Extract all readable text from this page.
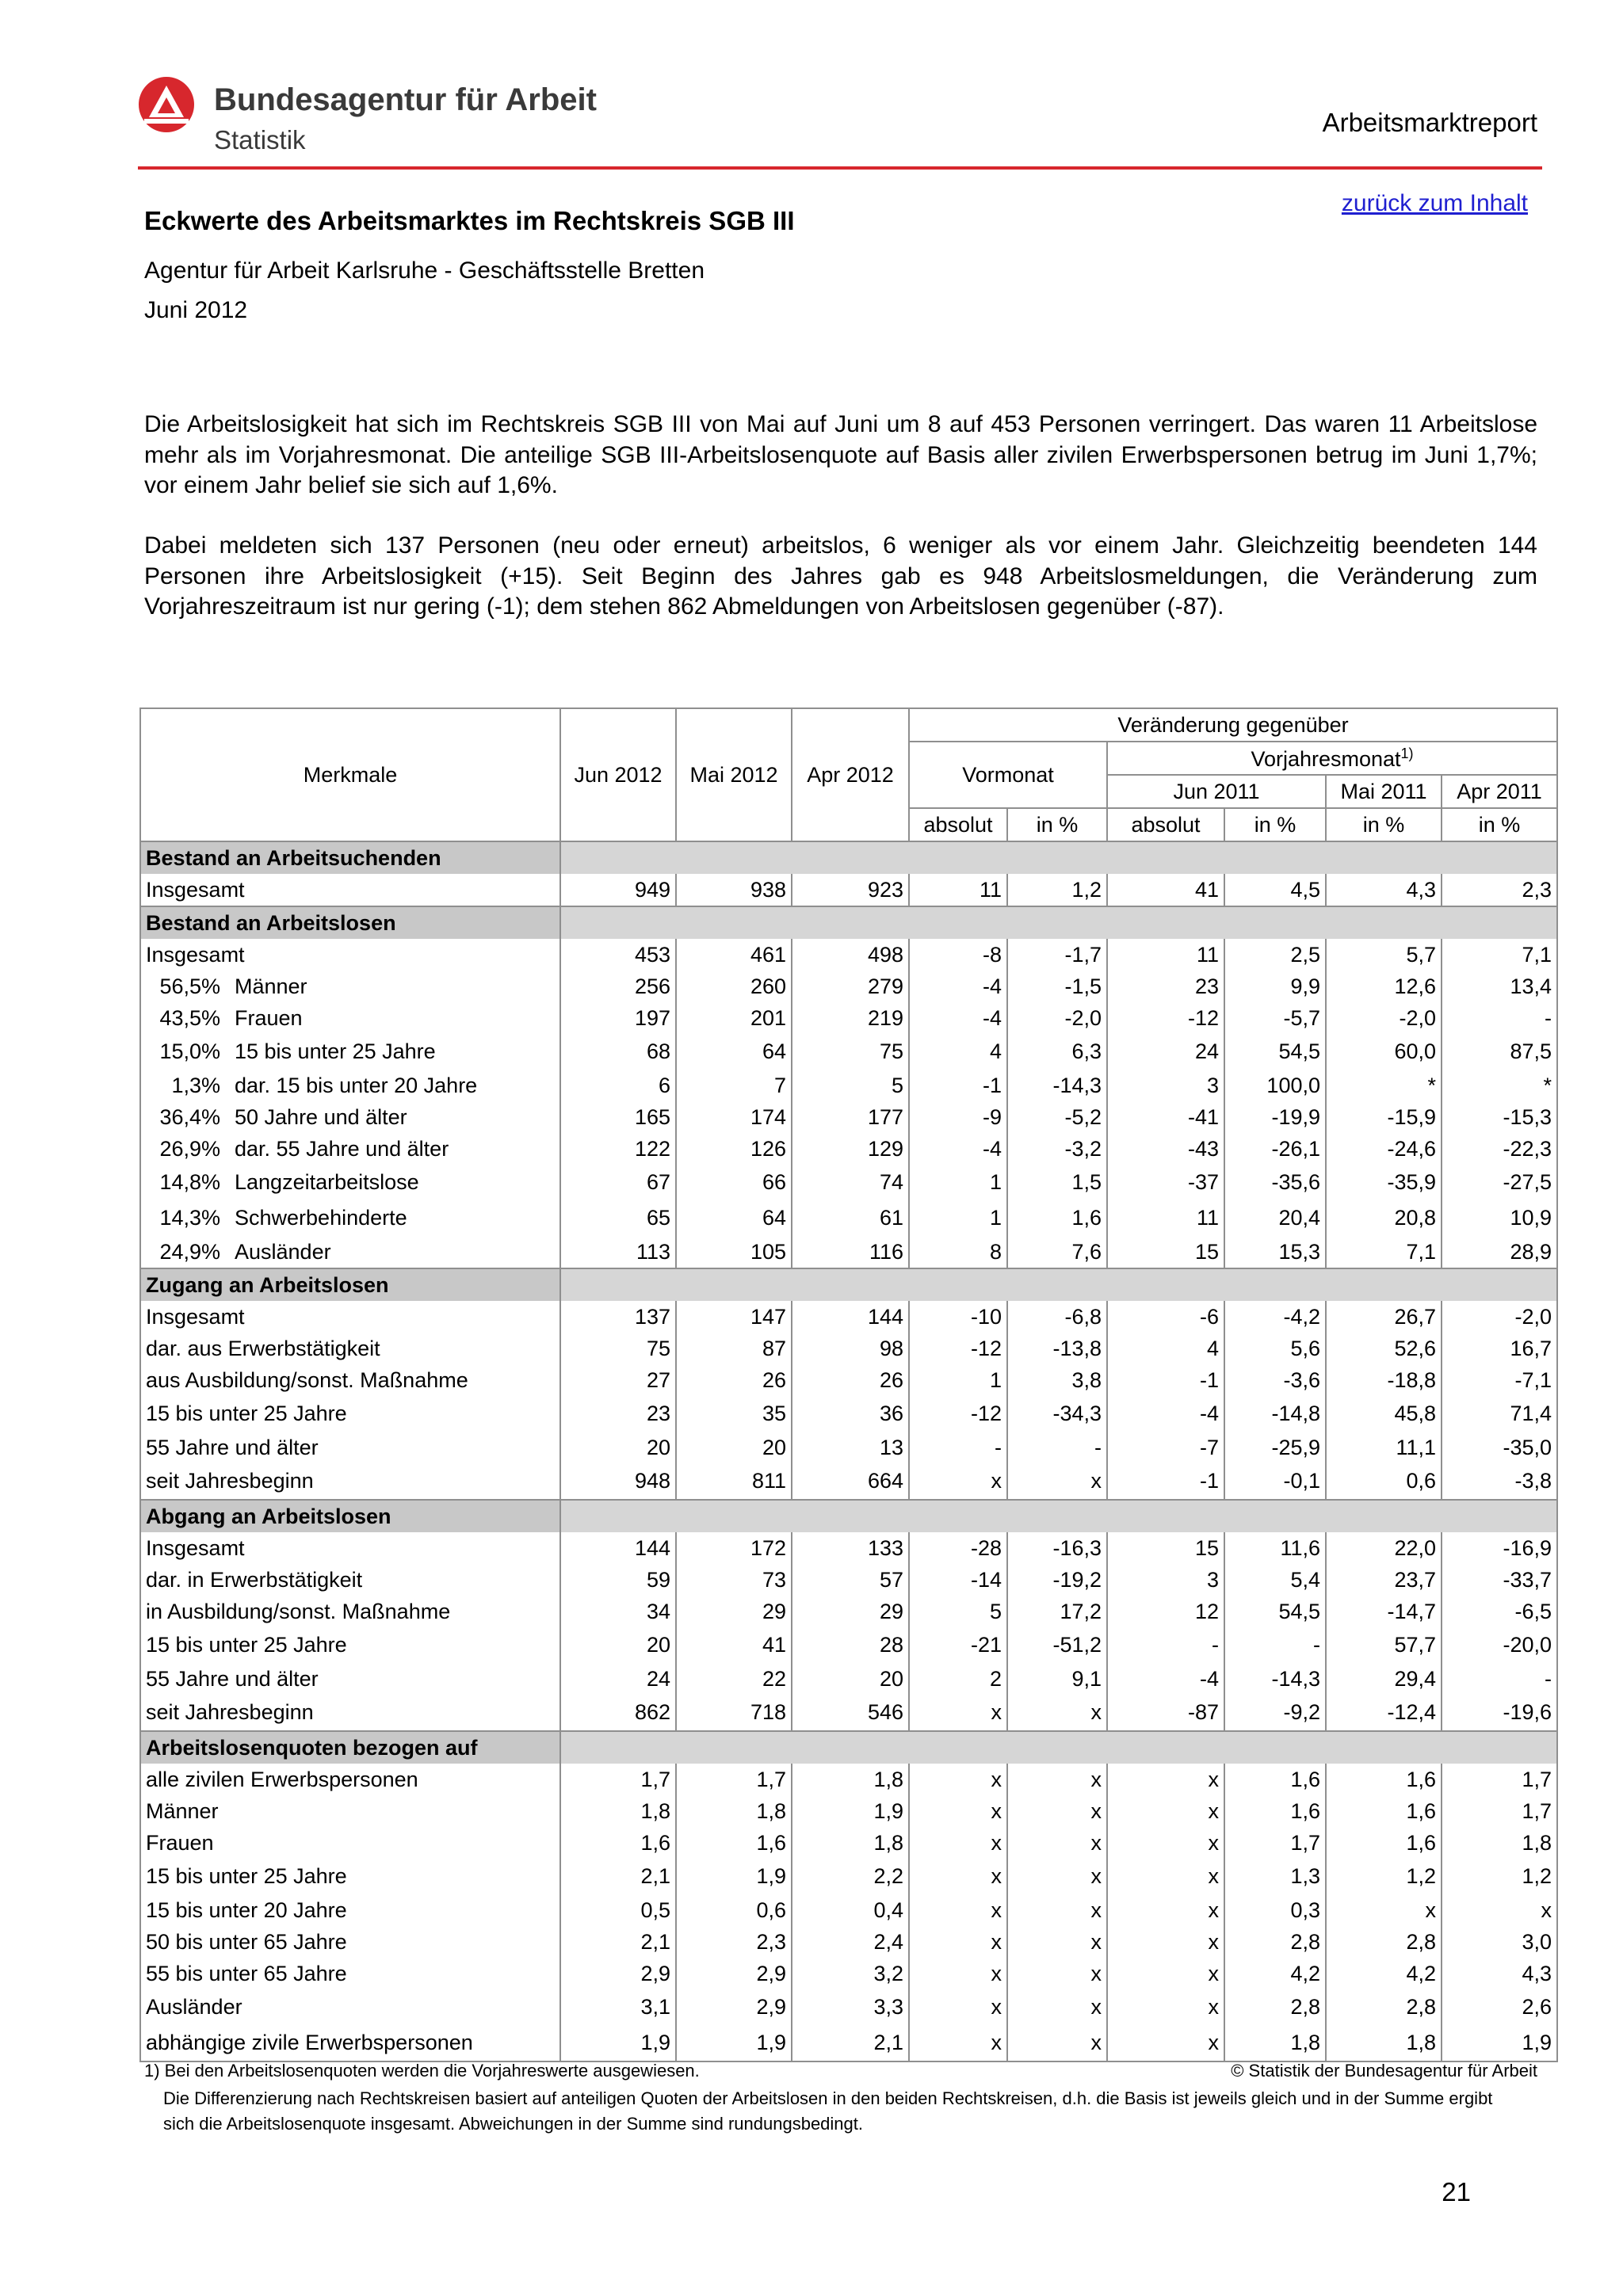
Bundesagentur für Arbeit
Statistik
Arbeitsmarktreport
zurück zum Inhalt
Eckwerte des Arbeitsmarktes im Rechtskreis SGB III
Agentur für Arbeit Karlsruhe - Geschäftsstelle Bretten
Juni 2012

Die Arbeitslosigkeit hat sich im Rechtskreis SGB III von Mai auf Juni um 8 auf 453 Personen verringert. Das waren 11 Arbeitslose mehr als im Vorjahresmonat. Die anteilige SGB III-Arbeitslosenquote auf Basis aller zivilen Erwerbspersonen betrug im Juni 1,7%; vor einem Jahr belief sie sich auf 1,6%.

Dabei meldeten sich 137 Personen (neu oder erneut) arbeitslos, 6 weniger als vor einem Jahr. Gleichzeitig beendeten 144 Personen ihre Arbeitslosigkeit (+15). Seit Beginn des Jahres gab es 948 Arbeitslosmeldungen, die Veränderung zum Vorjahreszeitraum ist nur gering (-1); dem stehen 862 Abmeldungen von Arbeitslosen gegenüber (-87).

Merkmale	Jun 2012	Mai 2012	Apr 2012	Veränderung gegenüber					
				Vormonat		Vorjahresmonat$^{1)}$
						Jun 2011		Mai 2011	Apr 2011
				absolut	in %	absolut	in %	in %	in %
Bestand an Arbeitsuchenden									
Insgesamt	949	938	923	11	1,2	41	4,5	4,3	2,3
Bestand an Arbeitslosen									
Insgesamt	453	461	498	-8	-1,7	11	2,5	5,7	7,1
56,5% Männer	256	260	279	-4	-1,5	23	9,9	12,6	13,4
43,5% Frauen	197	201	219	-4	-2,0	-12	-5,7	-2,0	-
15,0% 15 bis unter 25 Jahre	68	64	75	4	6,3	24	54,5	60,0	87,5
1,3% dar. 15 bis unter 20 Jahre	6	7	5	-1	-14,3	3	100,0	*	*
36,4% 50 Jahre und älter	165	174	177	-9	-5,2	-41	-19,9	-15,9	-15,3
26,9% dar. 55 Jahre und älter	122	126	129	-4	-3,2	-43	-26,1	-24,6	-22,3
14,8% Langzeitarbeitslose	67	66	74	1	1,5	-37	-35,6	-35,9	-27,5
14,3% Schwerbehinderte	65	64	61	1	1,6	11	20,4	20,8	10,9
24,9% Ausländer	113	105	116	8	7,6	15	15,3	7,1	28,9
Zugang an Arbeitslosen									
Insgesamt	137	147	144	-10	-6,8	-6	-4,2	26,7	-2,0
dar. aus Erwerbstätigkeit	75	87	98	-12	-13,8	4	5,6	52,6	16,7
aus Ausbildung/sonst. Maßnahme	27	26	26	1	3,8	-1	-3,6	-18,8	-7,1
15 bis unter 25 Jahre	23	35	36	-12	-34,3	-4	-14,8	45,8	71,4
55 Jahre und älter	20	20	13	-	-	-7	-25,9	11,1	-35,0
seit Jahresbeginn	948	811	664	x	x	-1	-0,1	0,6	-3,8
Abgang an Arbeitslosen									
Insgesamt	144	172	133	-28	-16,3	15	11,6	22,0	-16,9
dar. in Erwerbstätigkeit	59	73	57	-14	-19,2	3	5,4	23,7	-33,7
in Ausbildung/sonst. Maßnahme	34	29	29	5	17,2	12	54,5	-14,7	-6,5
15 bis unter 25 Jahre	20	41	28	-21	-51,2	-	-	57,7	-20,0
55 Jahre und älter	24	22	20	2	9,1	-4	-14,3	29,4	-
seit Jahresbeginn	862	718	546	x	x	-87	-9,2	-12,4	-19,6
Arbeitslosenquoten bezogen auf									
alle zivilen Erwerbspersonen	1,7	1,7	1,8	x	x	x	1,6	1,6	1,7
Männer	1,8	1,8	1,9	x	x	x	1,6	1,6	1,7
Frauen	1,6	1,6	1,8	x	x	x	1,7	1,6	1,8
15 bis unter 25 Jahre	2,1	1,9	2,2	x	x	x	1,3	1,2	1,2
15 bis unter 20 Jahre	0,5	0,6	0,4	x	x	x	0,3	x	x
50 bis unter 65 Jahre	2,1	2,3	2,4	x	x	x	2,8	2,8	3,0
55 bis unter 65 Jahre	2,9	2,9	3,2	x	x	x	4,2	4,2	4,3
Ausländer	3,1	2,9	3,3	x	x	x	2,8	2,8	2,6
abhängige zivile Erwerbspersonen	1,9	1,9	2,1	x	x	x	1,8	1,8	1,9
1) Bei den Arbeitslosenquoten werden die Vorjahreswerte ausgewiesen.	© Statistik der Bundesagentur für Arbeit

Die Differenzierung nach Rechtskreisen basiert auf anteiligen Quoten der Arbeitslosen in den beiden Rechtskreisen, d.h. die Basis ist jeweils gleich und in der Summe ergibt sich die Arbeitslosenquote insgesamt. Abweichungen in der Summe sind rundungsbedingt.

21
